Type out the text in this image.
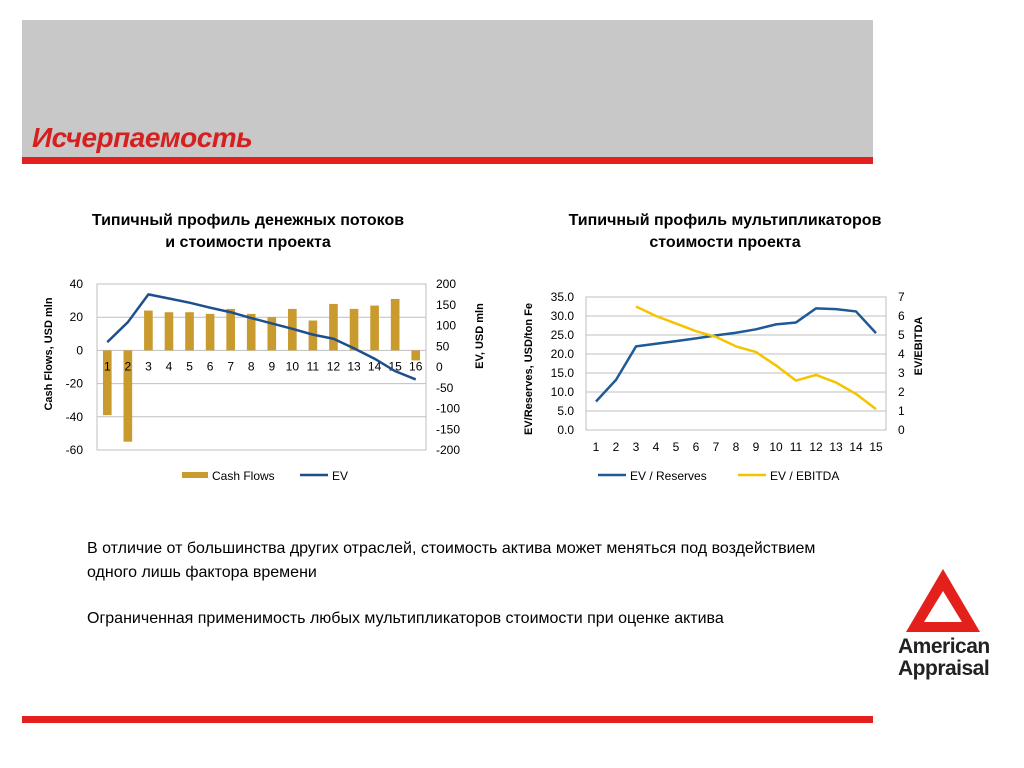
Исчерпаемость
Типичный профиль денежных потоков и стоимости проекта
40
20
0
-20
-40
-60
200
150
100
50
0
-50
-100
-150
-200
1 2 3 4 5 6 7 8 9 10 11 12 13 14 15 16
Cash Flows, USD mln	EV, USD mln
Cash Flows	EV
Типичный профиль мультипликаторов стоимости проекта
35.0
30.0
25.0
20.0
15.0
10.0
5.0
0.0
7
6
5
4
3
2
1
0
1 2 3 4 5 6 7 8 9 10 11 12 13 14 15
EV/Reserves, USD/ton Fe	EV/EBITDA
EV / Reserves	EV / EBITDA
В отличие от большинства других отраслей, стоимость актива может меняться под воздействием одного лишь фактора времени
Ограниченная применимость любых мультипликаторов стоимости при оценке актива
American
Appraisal
